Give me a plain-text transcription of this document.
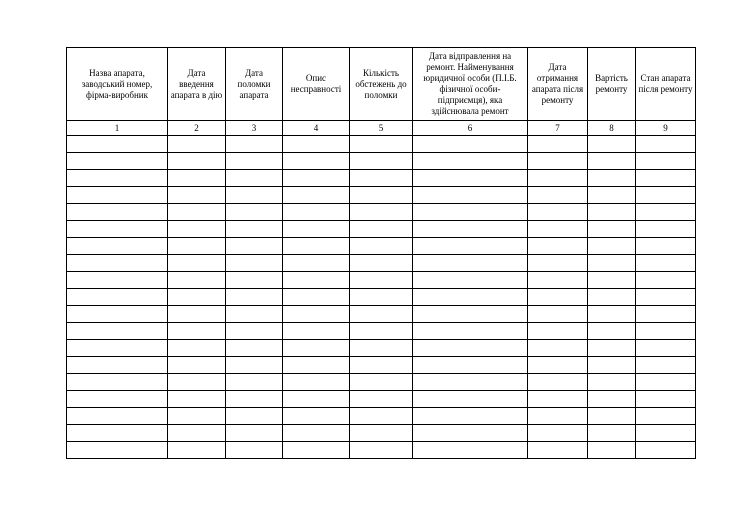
Назва апарата, заводський номер, фірма-виробник	Дата введення апарата в дію	Дата поломки апарата	Опис несправності	Кількість обстежень до поломки	Дата відправлення на ремонт. Найменування юридичної особи (П.І.Б. фізичної особи-підприємця), яка здійснювала ремонт	Дата отримання апарата після ремонту	Вартість ремонту	Стан апарата після ремонту
1	2	3	4	5	6	7	8	9
